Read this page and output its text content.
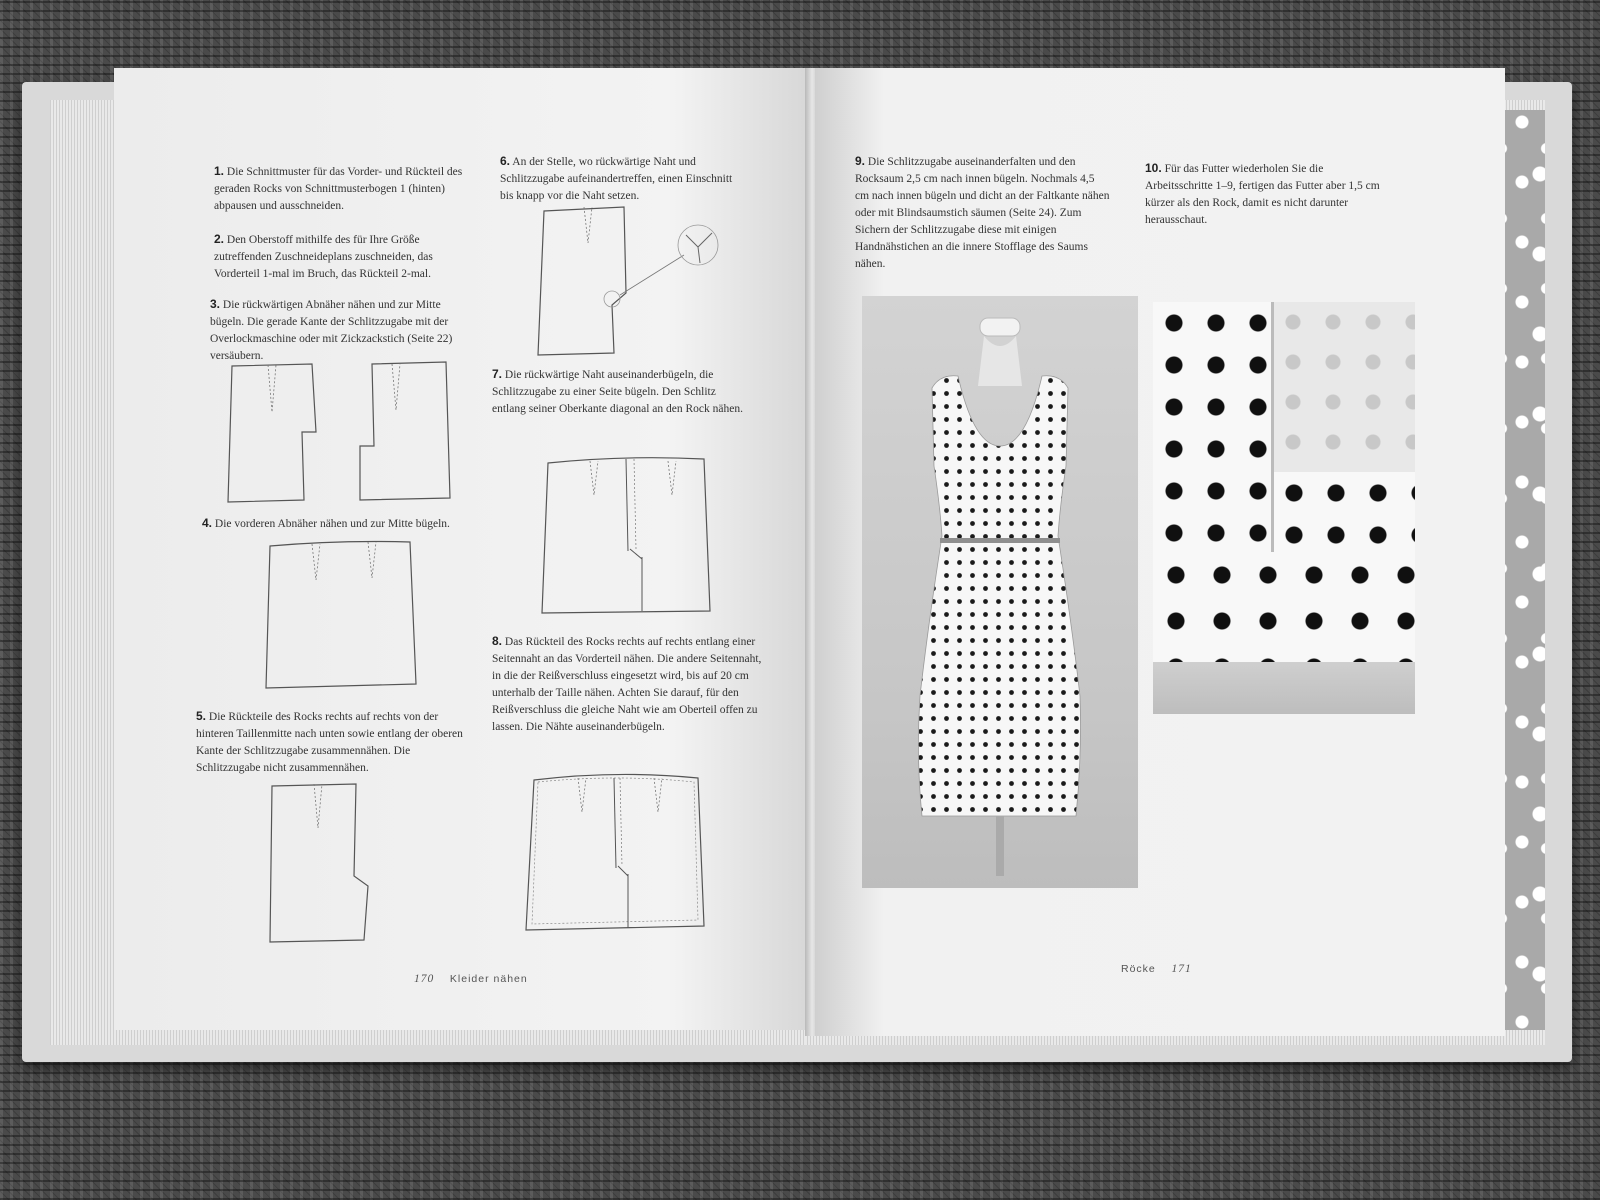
1. Die Schnittmuster für das Vorder- und Rückteil des geraden Rocks von Schnittmusterbogen 1 (hinten) abpausen und ausschneiden.
2. Den Oberstoff mithilfe des für Ihre Größe zutreffenden Zuschneideplans zuschneiden, das Vorderteil 1-mal im Bruch, das Rückteil 2-mal.
3. Die rückwärtigen Abnäher nähen und zur Mitte bügeln. Die gerade Kante der Schlitzzugabe mit der Overlockmaschine oder mit Zickzackstich (Seite 22) versäubern.
4. Die vorderen Abnäher nähen und zur Mitte bügeln.
5. Die Rückteile des Rocks rechts auf rechts von der hinteren Taillenmitte nach unten sowie entlang der oberen Kante der Schlitzzugabe zusammennähen. Die Schlitzzugabe nicht zusammennähen.
6. An der Stelle, wo rückwärtige Naht und Schlitzzugabe aufeinandertreffen, einen Einschnitt bis knapp vor die Naht setzen.
7. Die rückwärtige Naht auseinanderbügeln, die Schlitzzugabe zu einer Seite bügeln. Den Schlitz entlang seiner Oberkante diagonal an den Rock nähen.
8. Das Rückteil des Rocks rechts auf rechts entlang einer Seitennaht an das Vorderteil nähen. Die andere Seitennaht, in die der Reißverschluss eingesetzt wird, bis auf 20 cm unterhalb der Taille nähen. Achten Sie darauf, für den Reißverschluss die gleiche Naht wie am Oberteil offen zu lassen. Die Nähte auseinanderbügeln.
170 Kleider nähen
9. Die Schlitzzugabe auseinanderfalten und den Rocksaum 2,5 cm nach innen bügeln. Nochmals 4,5 cm nach innen bügeln und dicht an der Faltkante nähen oder mit Blindsaumstich säumen (Seite 24). Zum Sichern der Schlitzzugabe diese mit einigen Handnähstichen an die innere Stofflage des Saums nähen.
10. Für das Futter wiederholen Sie die Arbeitsschritte 1–9, fertigen das Futter aber 1,5 cm kürzer als den Rock, damit es nicht darunter herausschaut.
Röcke 171
